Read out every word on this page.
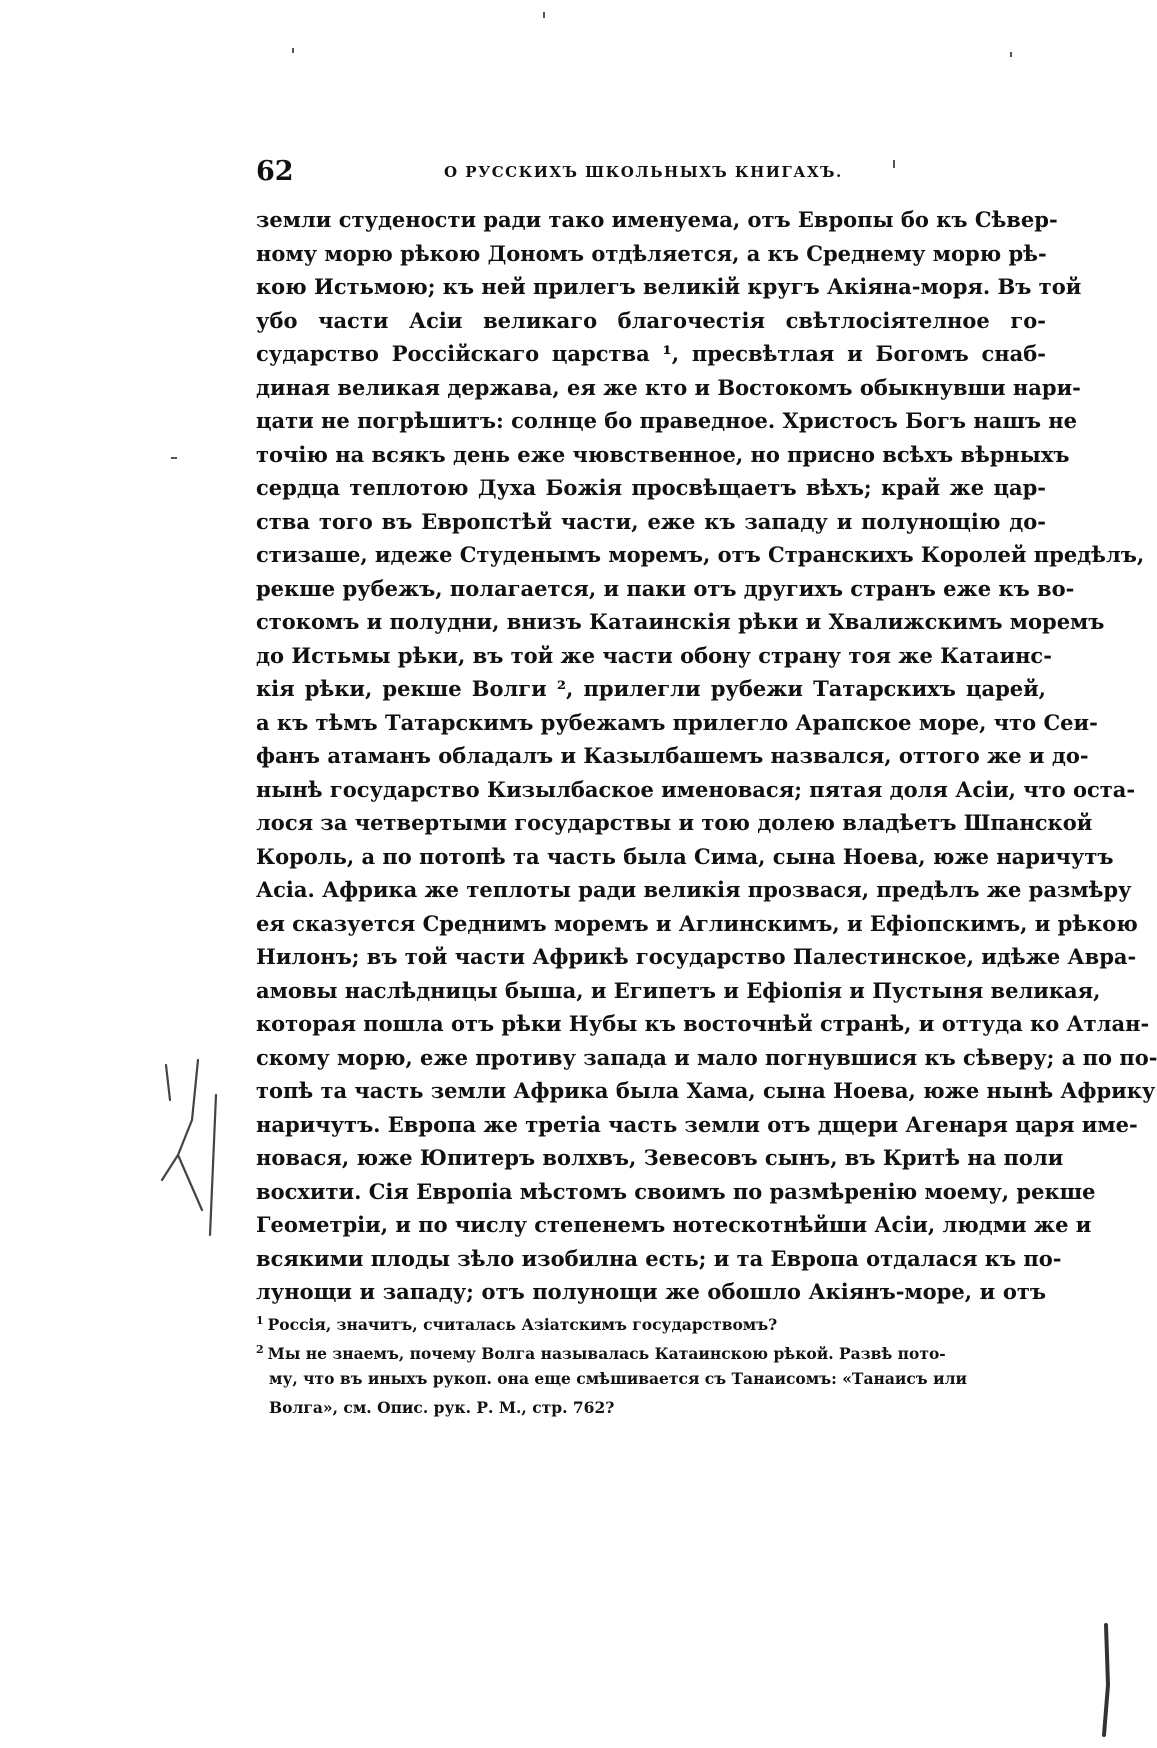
62	О РУССКИХЪ ШКОЛЬНЫХЪ КНИГАХЪ.
земли студености ради тако именуема, отъ Европы бо къ Сѣвер-
ному морю рѣкою Дономъ отдѣляется, а къ Среднему морю рѣ-
кою Истьмою; къ ней прилегъ великiй кругъ Акiяна-моря. Въ той
убо части Асiи великаго благочестiя свѣтлосiятелное го-
сударство Россiйскаго царства ¹, пресвѣтлая и Богомъ снаб-
диная великая держава, ея же кто и Востокомъ обыкнувши нари-
цати не погрѣшитъ: солнце бо праведное. Христосъ Богъ нашъ не
точiю на всякъ день еже чювственное, но присно всѣхъ вѣрныхъ
сердца теплотою Духа Божiя просвѣщаетъ вѣхъ; край же цар-
ства того въ Европстѣй части, еже къ западу и полунощiю до-
стизаше, идеже Студенымъ моремъ, отъ Странскихъ Королей предѣлъ,
рекше рубежъ, полагается, и паки отъ другихъ странъ еже къ во-
стокомъ и полудни, внизъ Катаинскiя рѣки и Хвалижскимъ моремъ
до Истьмы рѣки, въ той же части обону страну тоя же Катаинс-
кiя рѣки, рекше Волги ², прилегли рубежи Татарскихъ царей,
а къ тѣмъ Татарскимъ рубежамъ прилегло Арапское море, что Сеи-
фанъ атаманъ обладалъ и Казылбашемъ назвался, оттого же и до-
нынѣ государство Кизылбаское именовася; пятая доля Асiи, что оста-
лося за четвертыми государствы и тою долею владѣетъ Шпанской
Король, а по потопѣ та часть была Сима, сына Ноева, юже наричутъ
Асiа. Африка же теплоты ради великiя прозвася, предѣлъ же размѣру
ея сказуется Среднимъ моремъ и Аглинскимъ, и Ефiопскимъ, и рѣкою
Нилонъ; въ той части Африкѣ государство Палестинское, идѣже Авра-
амовы наслѣдницы быша, и Египетъ и Ефiопiя и Пустыня великая,
которая пошла отъ рѣки Нубы къ восточнѣй странѣ, и оттуда ко Атлан-
скому морю, еже противу запада и мало погнувшися къ сѣверу; а по по-
топѣ та часть земли Африка была Хама, сына Ноева, юже нынѣ Африку
наричутъ. Европа же третiа часть земли отъ дщери Агенаря царя име-
новася, юже Юпитеръ волхвъ, Зевесовъ сынъ, въ Критѣ на поли
восхити. Сiя Европiа мѣстомъ своимъ по размѣренiю моему, рекше
Геометрiи, и по числу степенемъ нотескотнѣйши Асiи, людми же и
всякими плоды зѣло изобилна есть; и та Европа отдалася къ по-
лунощи и западу; отъ полунощи же обошло Акiянъ-море, и отъ
$^1$ Россiя, значитъ, считалась Азiатскимъ государствомъ?
$^2$ Мы не знаемъ, почему Волга называлась Катаинскою рѣкой. Развѣ пото-
му, что въ иныхъ рукоп. она еще смѣшивается съ Танаисомъ: «Танаисъ или
Волга», см. Опис. рук. Р. М., стр. 762?
